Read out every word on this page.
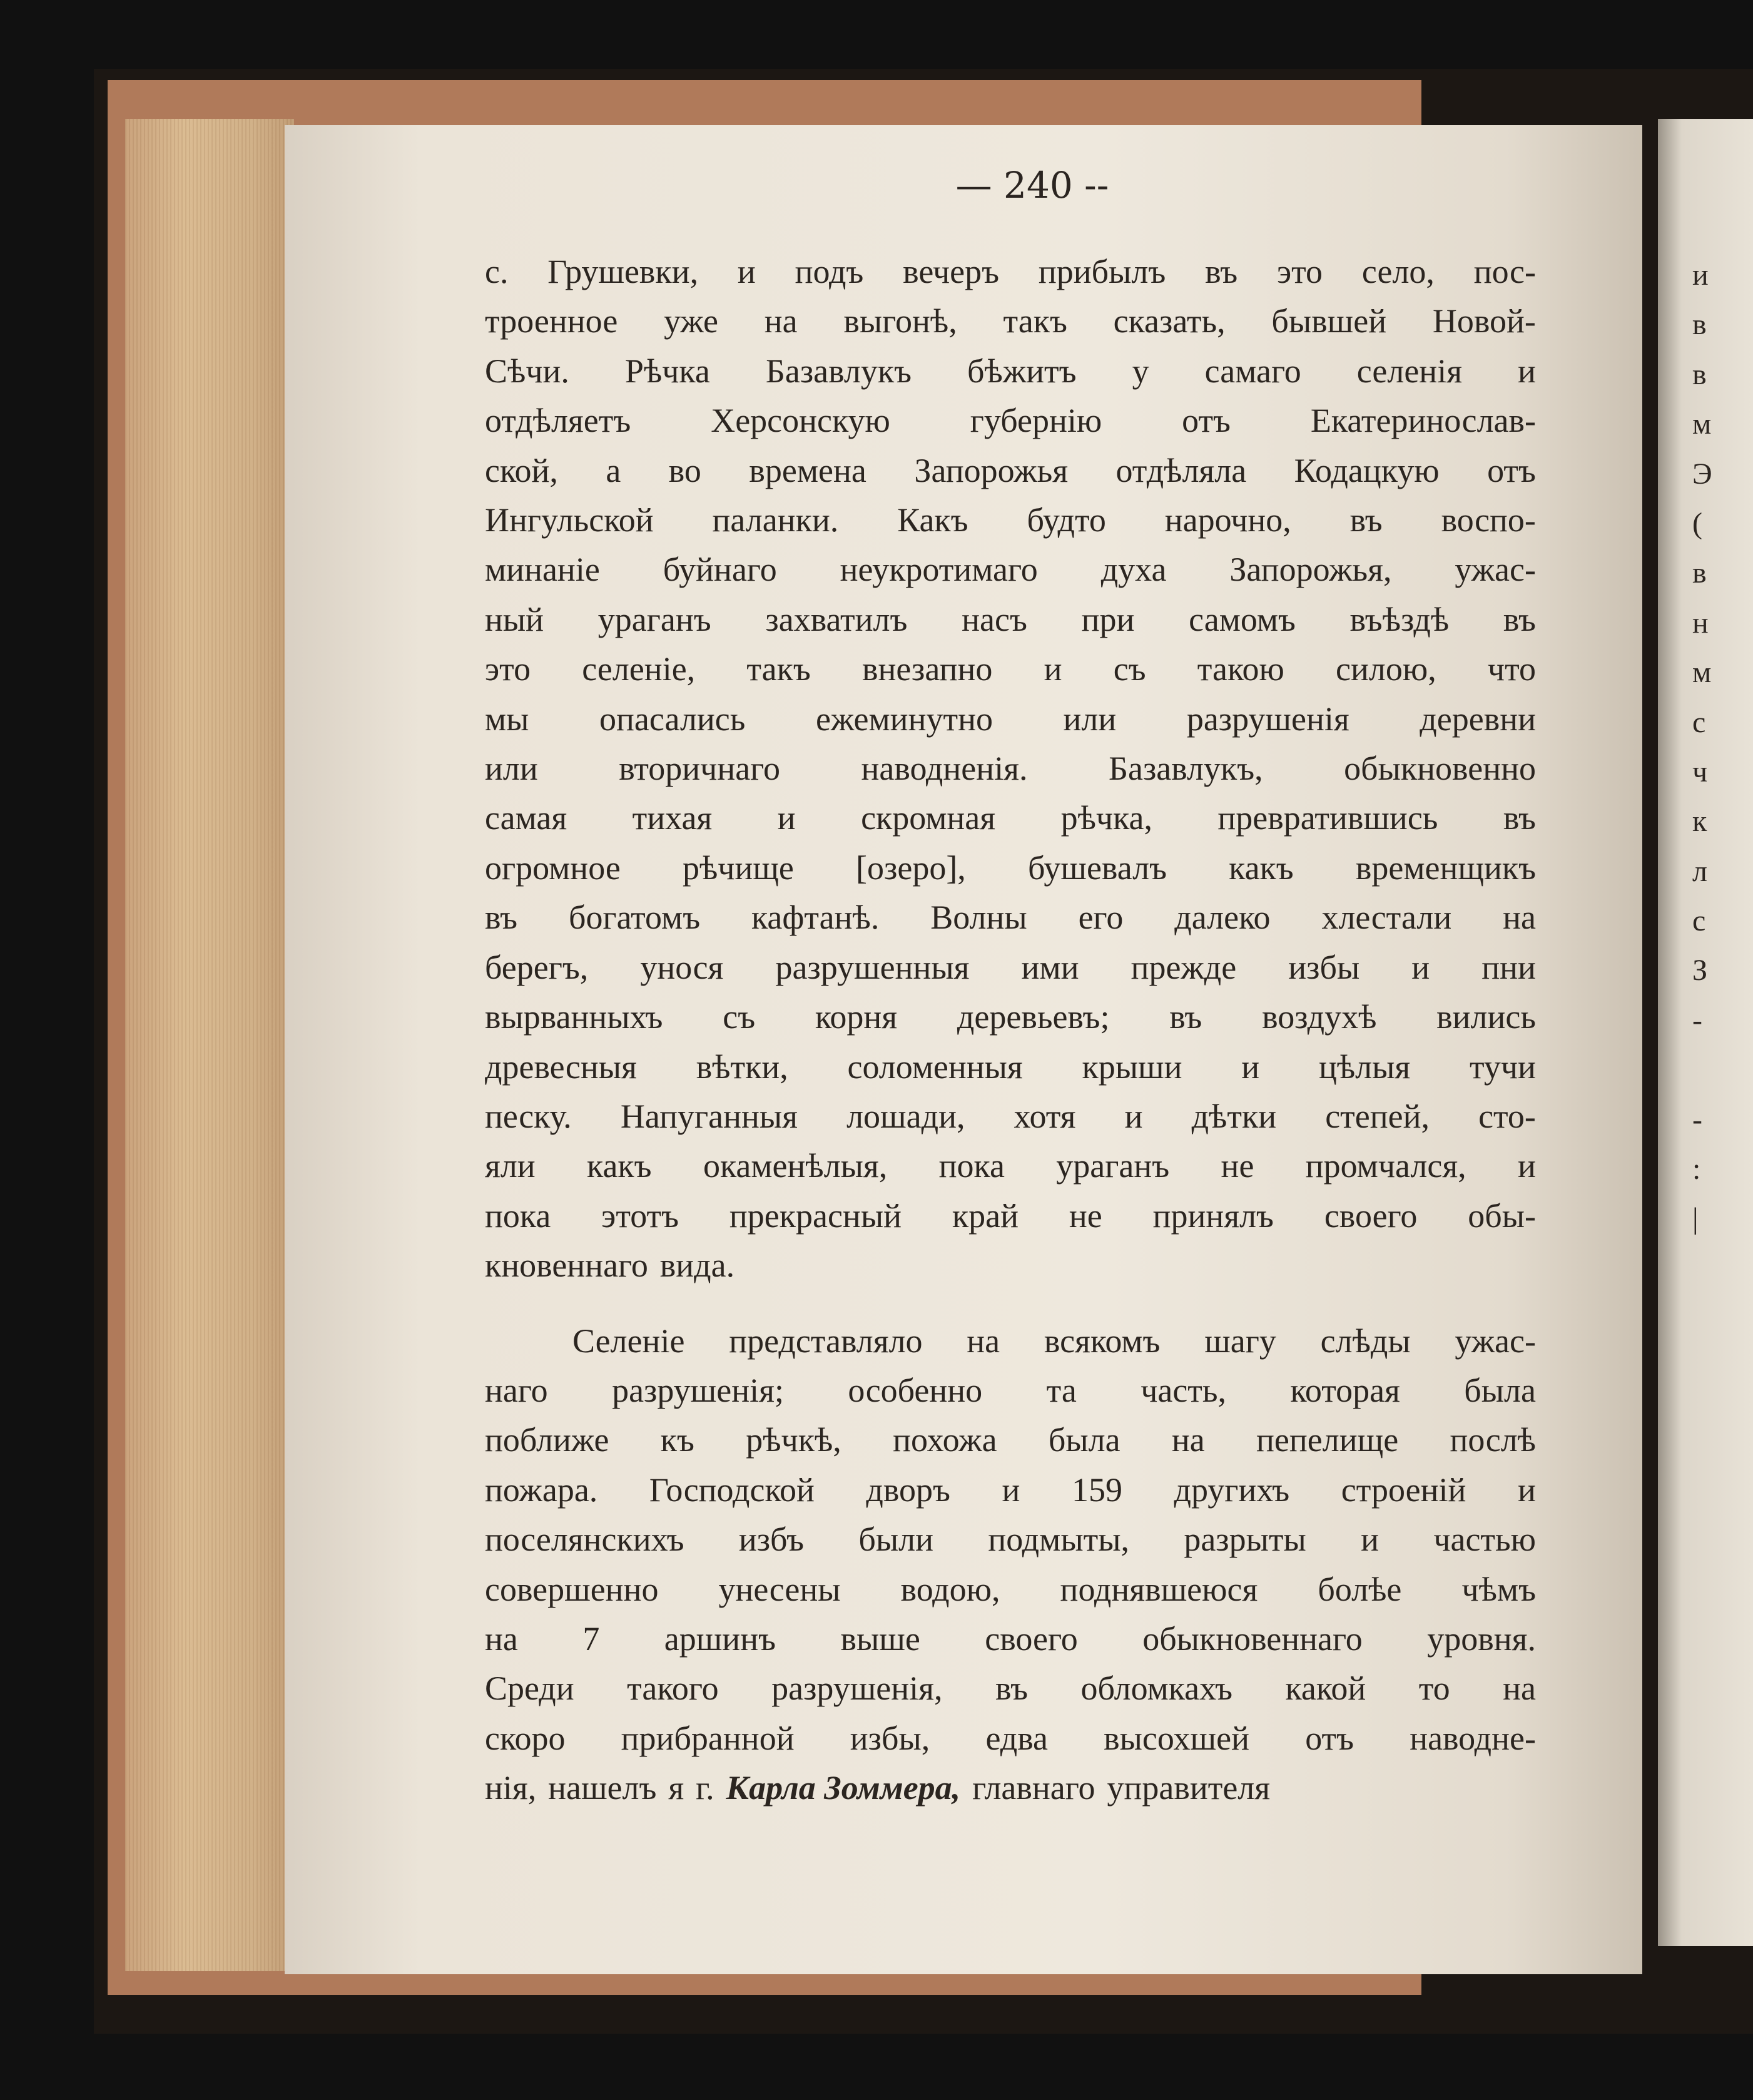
— 240 --
с. Грушевки, и подъ вечеръ прибылъ въ это село, пос-
троенное уже на выгонѣ, такъ сказать, бывшей Новой-
Сѣчи. Рѣчка Базавлукъ бѣжитъ у самаго селенія и
отдѣляетъ Херсонскую губернію отъ Екатеринослав-
ской, а во времена Запорожья отдѣляла Кодацкую отъ
Ингульской паланки. Какъ будто нарочно, въ воспо-
минаніе буйнаго неукротимаго духа Запорожья, ужас-
ный ураганъ захватилъ насъ при самомъ въѣздѣ въ
это селеніе, такъ внезапно и съ такою силою, что
мы опасались ежеминутно или разрушенія деревни
или вторичнаго наводненія. Базавлукъ, обыкновенно
самая тихая и скромная рѣчка, превратившись въ
огромное рѣчище [озеро], бушевалъ какъ временщикъ
въ богатомъ кафтанѣ. Волны его далеко хлестали на
берегъ, унося разрушенныя ими прежде избы и пни
вырванныхъ съ корня деревьевъ; въ воздухѣ вились
древесныя вѣтки, соломенныя крыши и цѣлыя тучи
песку. Напуганныя лошади, хотя и дѣтки степей, сто-
яли какъ окаменѣлыя, пока ураганъ не промчался, и
пока этотъ прекрасный край не принялъ своего обы-
кновеннаго вида.
Селеніе представляло на всякомъ шагу слѣды ужас-
наго разрушенія; особенно та часть, которая была
поближе къ рѣчкѣ, похожа была на пепелище послѣ
пожара. Господской дворъ и 159 другихъ строеній и
поселянскихъ избъ были подмыты, разрыты и частью
совершенно унесены водою, поднявшеюся болѣе чѣмъ
на 7 аршинъ выше своего обыкновеннаго уровня.
Среди такого разрушенія, въ обломкахъ какой то на
скоро прибранной избы, едва высохшей отъ наводне-
нія, нашелъ я г. Карла Зоммера, главнаго управителя
и
в
в
м
Э
(
в
н
м
с
ч
к
л
с
З
-
-
:
|
